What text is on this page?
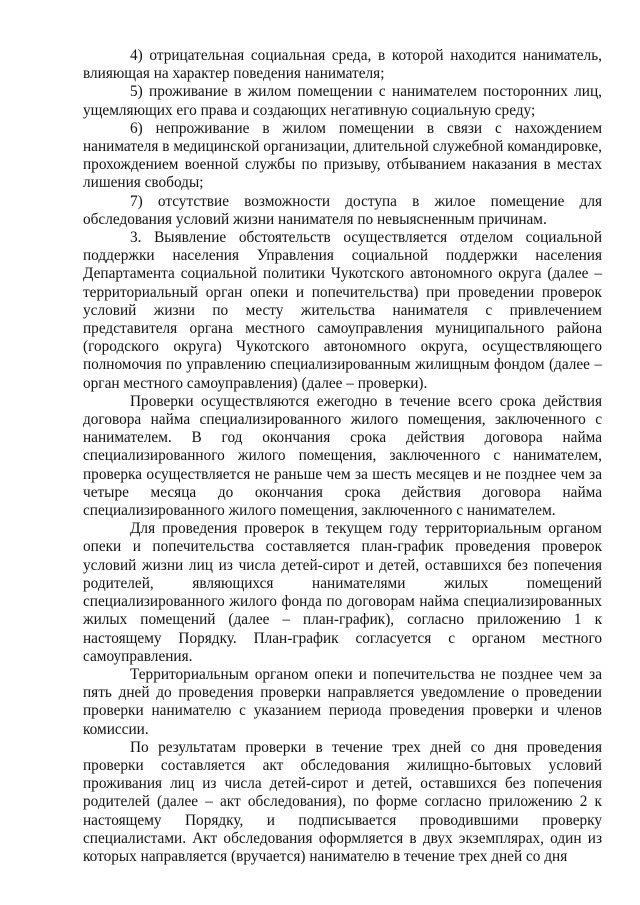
4) отрицательная социальная среда, в которой находится наниматель, влияющая на характер поведения нанимателя;

5) проживание в жилом помещении с нанимателем посторонних лиц, ущемляющих его права и создающих негативную социальную среду;

6) непроживание в жилом помещении в связи с нахождением нанимателя в медицинской организации, длительной служебной командировке, прохождением военной службы по призыву, отбыванием наказания в местах лишения свободы;

7) отсутствие возможности доступа в жилое помещение для обследования условий жизни нанимателя по невыясненным причинам.

3. Выявление обстоятельств осуществляется отделом социальной поддержки населения Управления социальной поддержки населения Департамента социальной политики Чукотского автономного округа (далее – территориальный орган опеки и попечительства) при проведении проверок условий жизни по месту жительства нанимателя с привлечением представителя органа местного самоуправления муниципального района (городского округа) Чукотского автономного округа, осуществляющего полномочия по управлению специализированным жилищным фондом (далее – орган местного самоуправления) (далее – проверки).

Проверки осуществляются ежегодно в течение всего срока действия договора найма специализированного жилого помещения, заключенного с нанимателем. В год окончания срока действия договора найма специализированного жилого помещения, заключенного с нанимателем, проверка осуществляется не раньше чем за шесть месяцев и не позднее чем за четыре месяца до окончания срока действия договора найма специализированного жилого помещения, заключенного с нанимателем.

Для проведения проверок в текущем году территориальным органом опеки и попечительства составляется план-график проведения проверок условий жизни лиц из числа детей-сирот и детей, оставшихся без попечения родителей, являющихся нанимателями жилых помещений специализированного жилого фонда по договорам найма специализированных жилых помещений (далее – план-график), согласно приложению 1 к настоящему Порядку. План-график согласуется с органом местного самоуправления.

Территориальным органом опеки и попечительства не позднее чем за пять дней до проведения проверки направляется уведомление о проведении проверки нанимателю с указанием периода проведения проверки и членов комиссии.

По результатам проверки в течение трех дней со дня проведения проверки составляется акт обследования жилищно-бытовых условий проживания лиц из числа детей-сирот и детей, оставшихся без попечения родителей (далее – акт обследования), по форме согласно приложению 2 к настоящему Порядку, и подписывается проводившими проверку специалистами. Акт обследования оформляется в двух экземплярах, один из которых направляется (вручается) нанимателю в течение трех дней со дня
